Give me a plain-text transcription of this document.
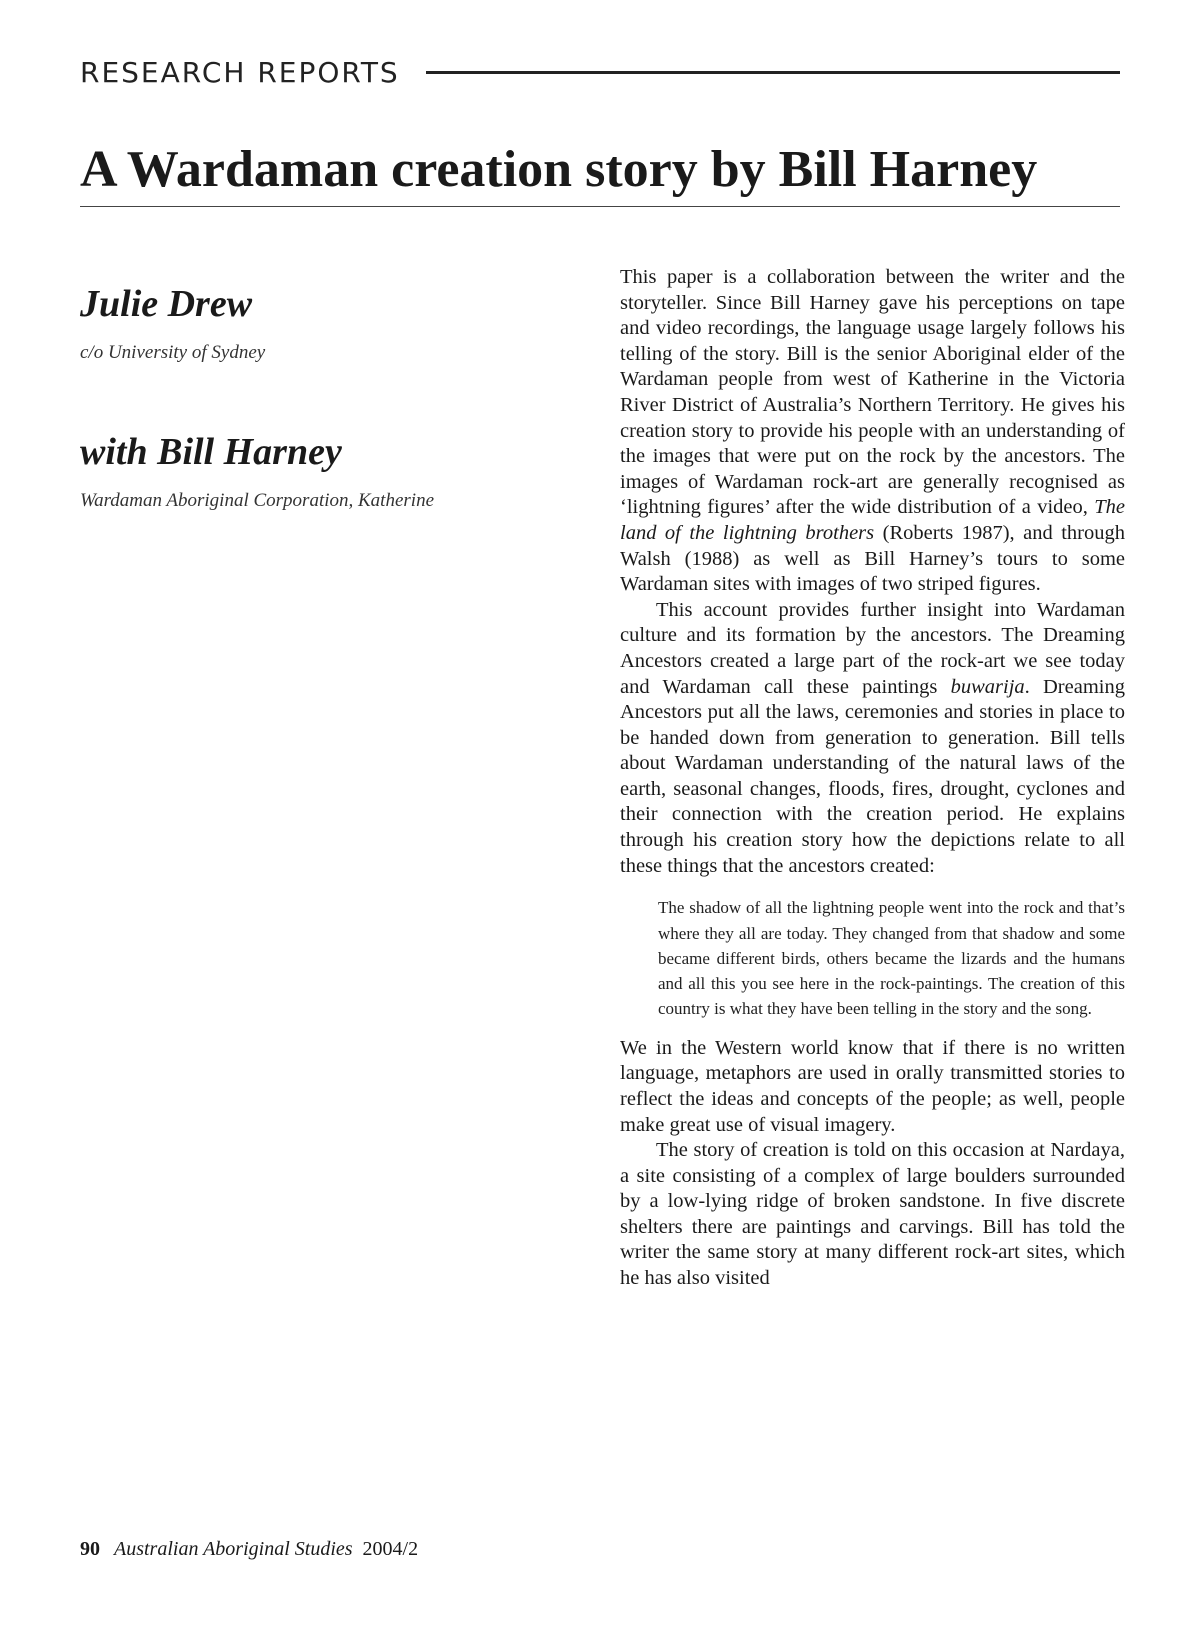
RESEARCH REPORTS
A Wardaman creation story by Bill Harney
Julie Drew
c/o University of Sydney
with Bill Harney
Wardaman Aboriginal Corporation, Katherine

This paper is a collaboration between the writer and the storyteller. Since Bill Harney gave his perceptions on tape and video recordings, the language usage largely follows his telling of the story. Bill is the senior Aboriginal elder of the Wardaman people from west of Katherine in the Victoria River District of Australia’s Northern Territory. He gives his creation story to provide his people with an understanding of the images that were put on the rock by the ancestors. The images of Wardaman rock-art are generally recognised as ‘lightning figures’ after the wide distribution of a video, The land of the lightning brothers (Roberts 1987), and through Walsh (1988) as well as Bill Harney’s tours to some Wardaman sites with images of two striped figures.

This account provides further insight into Wardaman culture and its formation by the ancestors. The Dreaming Ancestors created a large part of the rock-art we see today and Wardaman call these paintings buwarija. Dreaming Ancestors put all the laws, ceremonies and stories in place to be handed down from generation to generation. Bill tells about Wardaman understanding of the natural laws of the earth, seasonal changes, floods, fires, drought, cyclones and their connection with the creation period. He explains through his creation story how the depictions relate to all these things that the ancestors created:

The shadow of all the lightning people went into the rock and that’s where they all are today. They changed from that shadow and some became different birds, others became the lizards and the humans and all this you see here in the rock-paintings. The creation of this country is what they have been telling in the story and the song.

We in the Western world know that if there is no written language, metaphors are used in orally transmitted stories to reflect the ideas and concepts of the people; as well, people make great use of visual imagery.

The story of creation is told on this occasion at Nardaya, a site consisting of a complex of large boulders surrounded by a low-lying ridge of broken sandstone. In five discrete shelters there are paintings and carvings. Bill has told the writer the same story at many different rock-art sites, which he has also visited

90 Australian Aboriginal Studies 2004/2
